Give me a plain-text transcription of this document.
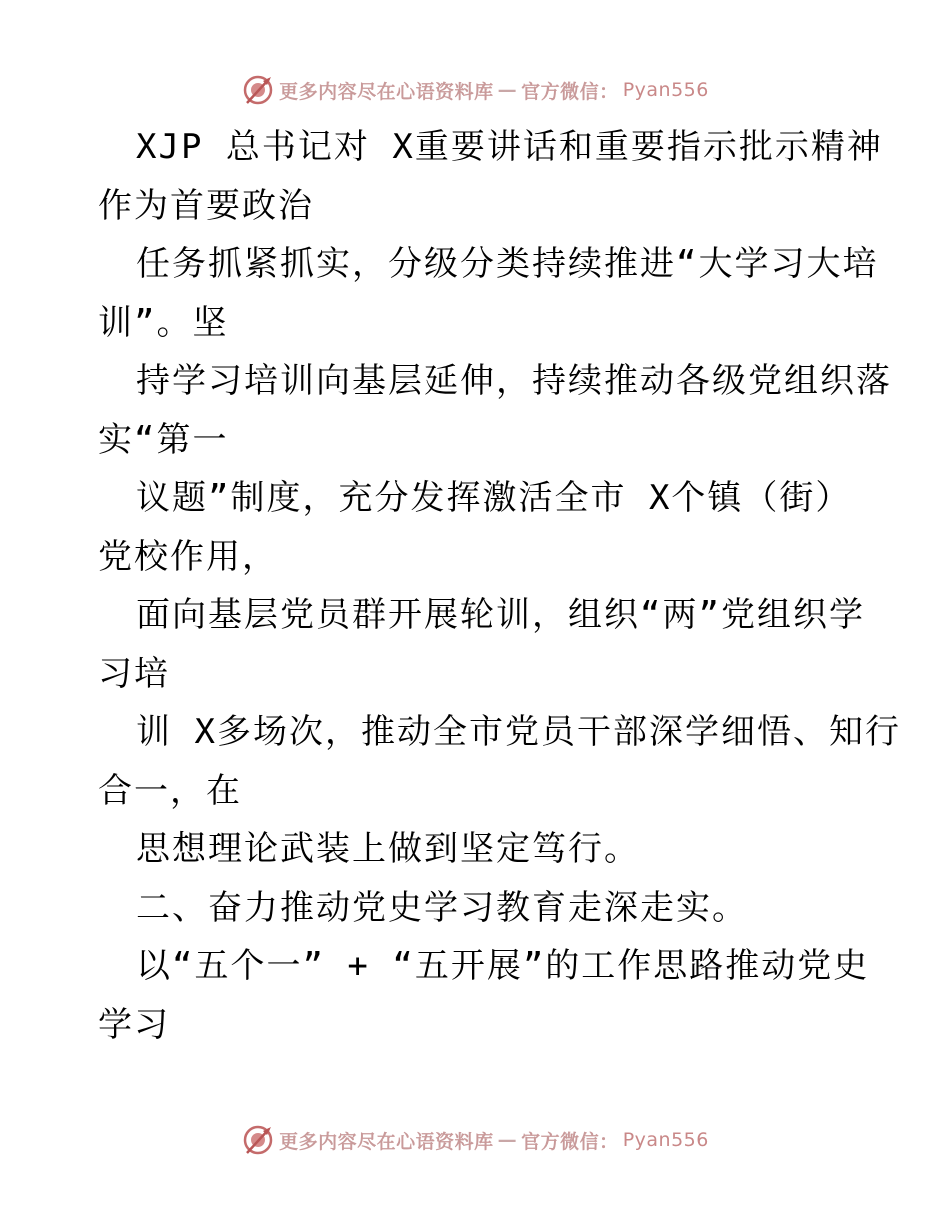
更多内容尽在心语资料库 — 官方微信： Pyan556

XJP 总书记对 X重要讲话和重要指示批示精神

作为首要政治

任务抓紧抓实，分级分类持续推进“大学习大培

训”。坚

持学习培训向基层延伸，持续推动各级党组织落

实“第一

议题”制度，充分发挥激活全市 X个镇（街）

党校作用，

面向基层党员群开展轮训，组织“两”党组织学

习培

训 X多场次，推动全市党员干部深学细悟、知行

合一，在

思想理论武装上做到坚定笃行。

二、奋力推动党史学习教育走深走实。

以“五个一” + “五开展”的工作思路推动党史

学习

更多内容尽在心语资料库 — 官方微信： Pyan556
